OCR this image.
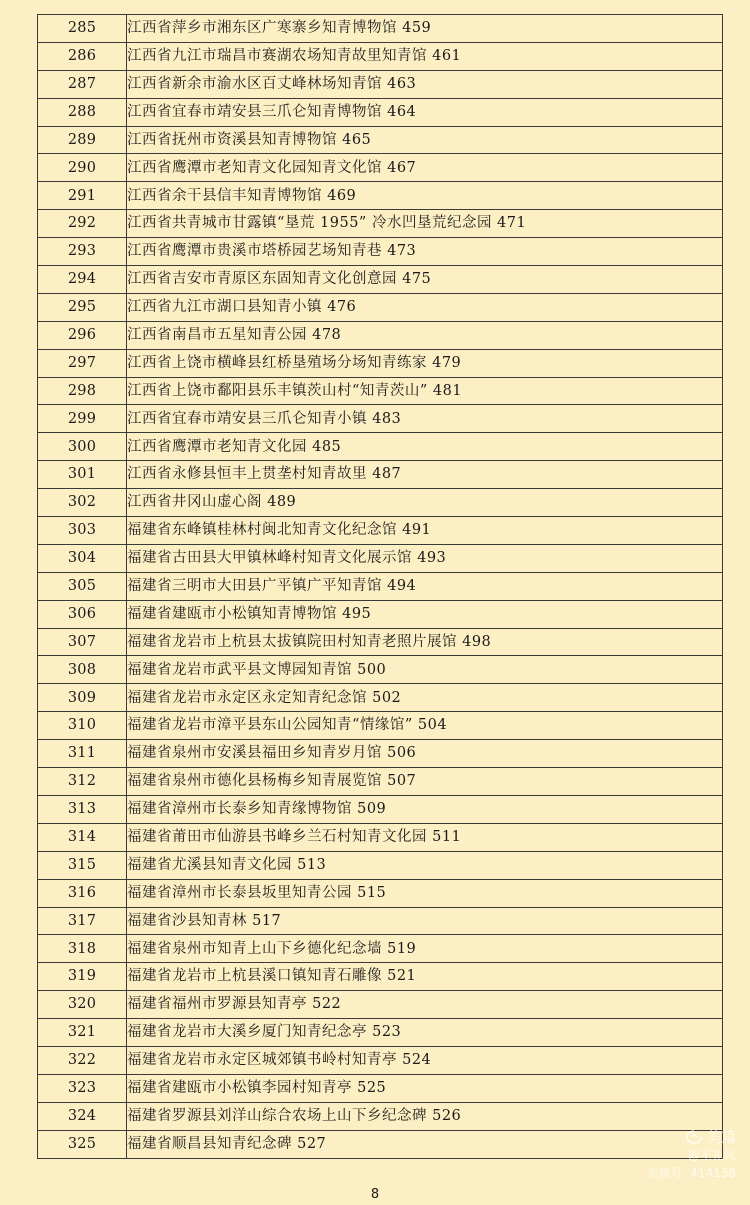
285	江西省萍乡市湘东区广寒寨乡知青博物馆 459
286	江西省九江市瑞昌市赛湖农场知青故里知青馆 461
287	江西省新余市渝水区百丈峰林场知青馆 463
288	江西省宜春市靖安县三爪仑知青博物馆 464
289	江西省抚州市资溪县知青博物馆 465
290	江西省鹰潭市老知青文化园知青文化馆 467
291	江西省余干县信丰知青博物馆 469
292	江西省共青城市甘露镇“垦荒 1955” 冷水凹垦荒纪念园 471
293	江西省鹰潭市贵溪市塔桥园艺场知青巷 473
294	江西省吉安市青原区东固知青文化创意园 475
295	江西省九江市湖口县知青小镇 476
296	江西省南昌市五星知青公园 478
297	江西省上饶市横峰县红桥垦殖场分场知青练家 479
298	江西省上饶市鄱阳县乐丰镇茨山村“知青茨山” 481
299	江西省宜春市靖安县三爪仑知青小镇 483
300	江西省鹰潭市老知青文化园 485
301	江西省永修县恒丰上贯垄村知青故里 487
302	江西省井冈山虚心阁 489
303	福建省东峰镇桂林村闽北知青文化纪念馆 491
304	福建省古田县大甲镇林峰村知青文化展示馆 493
305	福建省三明市大田县广平镇广平知青馆 494
306	福建省建瓯市小松镇知青博物馆 495
307	福建省龙岩市上杭县太拔镇院田村知青老照片展馆 498
308	福建省龙岩市武平县文博园知青馆 500
309	福建省龙岩市永定区永定知青纪念馆 502
310	福建省龙岩市漳平县东山公园知青“情缘馆” 504
311	福建省泉州市安溪县福田乡知青岁月馆 506
312	福建省泉州市德化县杨梅乡知青展览馆 507
313	福建省漳州市长泰乡知青缘博物馆 509
314	福建省莆田市仙游县书峰乡兰石村知青文化园 511
315	福建省尤溪县知青文化园 513
316	福建省漳州市长泰县坂里知青公园 515
317	福建省沙县知青林 517
318	福建省泉州市知青上山下乡德化纪念墙 519
319	福建省龙岩市上杭县溪口镇知青石雕像 521
320	福建省福州市罗源县知青亭 522
321	福建省龙岩市大溪乡厦门知青纪念亭 523
322	福建省龙岩市永定区城郊镇书岭村知青亭 524
323	福建省建瓯市小松镇李园村知青亭 525
324	福建省罗源县刘洋山综合农场上山下乡纪念碑 526
325	福建省顺昌县知青纪念碑 527
8
美篇
@王礼民
美篇号: 414138
